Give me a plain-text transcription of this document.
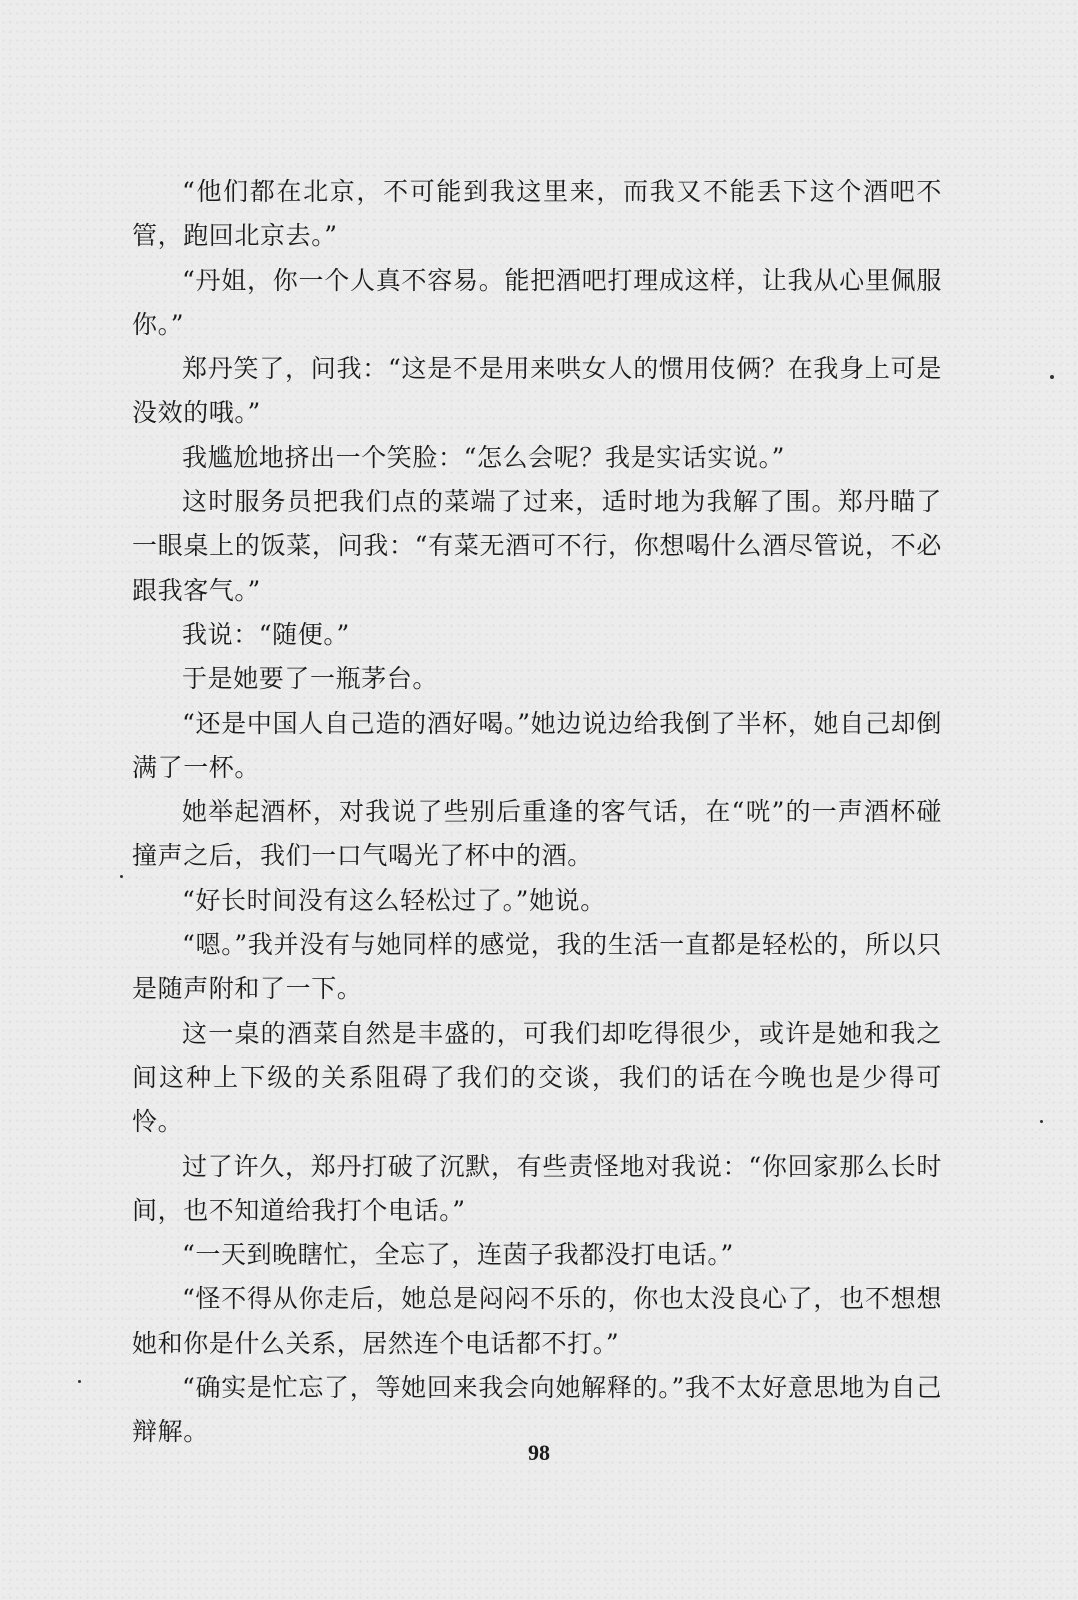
“他们都在北京，不可能到我这里来，而我又不能丢下这个酒吧不管，跑回北京去。”

“丹姐，你一个人真不容易。能把酒吧打理成这样，让我从心里佩服你。”

郑丹笑了，问我：“这是不是用来哄女人的惯用伎俩？在我身上可是没效的哦。”

我尴尬地挤出一个笑脸：“怎么会呢？我是实话实说。”

这时服务员把我们点的菜端了过来，适时地为我解了围。郑丹瞄了一眼桌上的饭菜，问我：“有菜无酒可不行，你想喝什么酒尽管说，不必跟我客气。”

我说：“随便。”

于是她要了一瓶茅台。

“还是中国人自己造的酒好喝。”她边说边给我倒了半杯，她自己却倒满了一杯。

她举起酒杯，对我说了些别后重逢的客气话，在“咣”的一声酒杯碰撞声之后，我们一口气喝光了杯中的酒。

“好长时间没有这么轻松过了。”她说。

“嗯。”我并没有与她同样的感觉，我的生活一直都是轻松的，所以只是随声附和了一下。

这一桌的酒菜自然是丰盛的，可我们却吃得很少，或许是她和我之间这种上下级的关系阻碍了我们的交谈，我们的话在今晚也是少得可怜。

过了许久，郑丹打破了沉默，有些责怪地对我说：“你回家那么长时间，也不知道给我打个电话。”

“一天到晚瞎忙，全忘了，连茵子我都没打电话。”

“怪不得从你走后，她总是闷闷不乐的，你也太没良心了，也不想想她和你是什么关系，居然连个电话都不打。”

“确实是忙忘了，等她回来我会向她解释的。”我不太好意思地为自己辩解。

98
